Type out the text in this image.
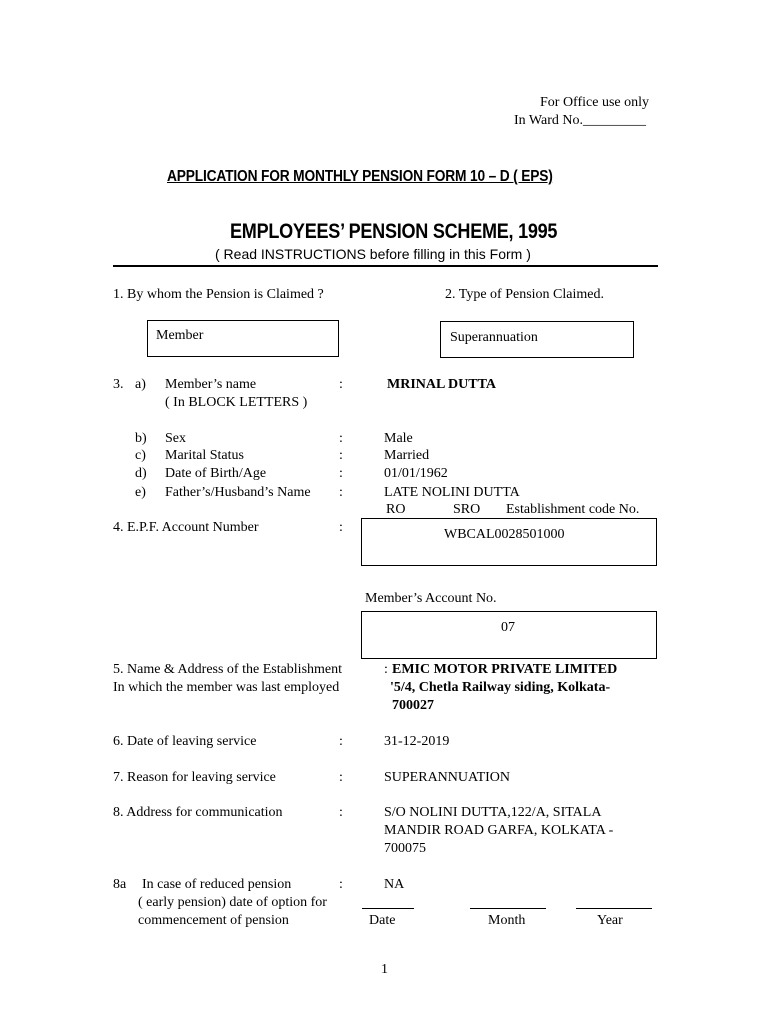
For Office use only
In Ward No._________
APPLICATION FOR MONTHLY PENSION FORM 10 – D ( EPS)
EMPLOYEES’ PENSION SCHEME, 1995
( Read INSTRUCTIONS before filling in this Form )
1. By whom the Pension is Claimed ?	2. Type of Pension Claimed.
Member	Superannuation
3. a) Member’s name
( In BLOCK LETTERS )
:	MRINAL DUTTA
b) Sex	:	Male
c) Marital Status	:	Married
d) Date of Birth/Age	:	01/01/1962
e) Father’s/Husband’s Name :	LATE NOLINI DUTTA
RO	SRO Establishment code No.
4. E.P.F. Account Number	:	WBCAL0028501000
Member’s Account No.
07
5. Name & Address of the Establishment
In which the member was last employed
: EMIC MOTOR PRIVATE LIMITED
'5/4, Chetla Railway siding, Kolkata-
700027
6. Date of leaving service	:	31-12-2019
7. Reason for leaving service	:	SUPERANNUATION
8. Address for communication	:	S/O NOLINI DUTTA,122/A, SITALA
MANDIR ROAD GARFA, KOLKATA -
700075
8a In case of reduced pension
( early pension) date of option for
commencement of pension
:	NA
Date	Month	Year
1
